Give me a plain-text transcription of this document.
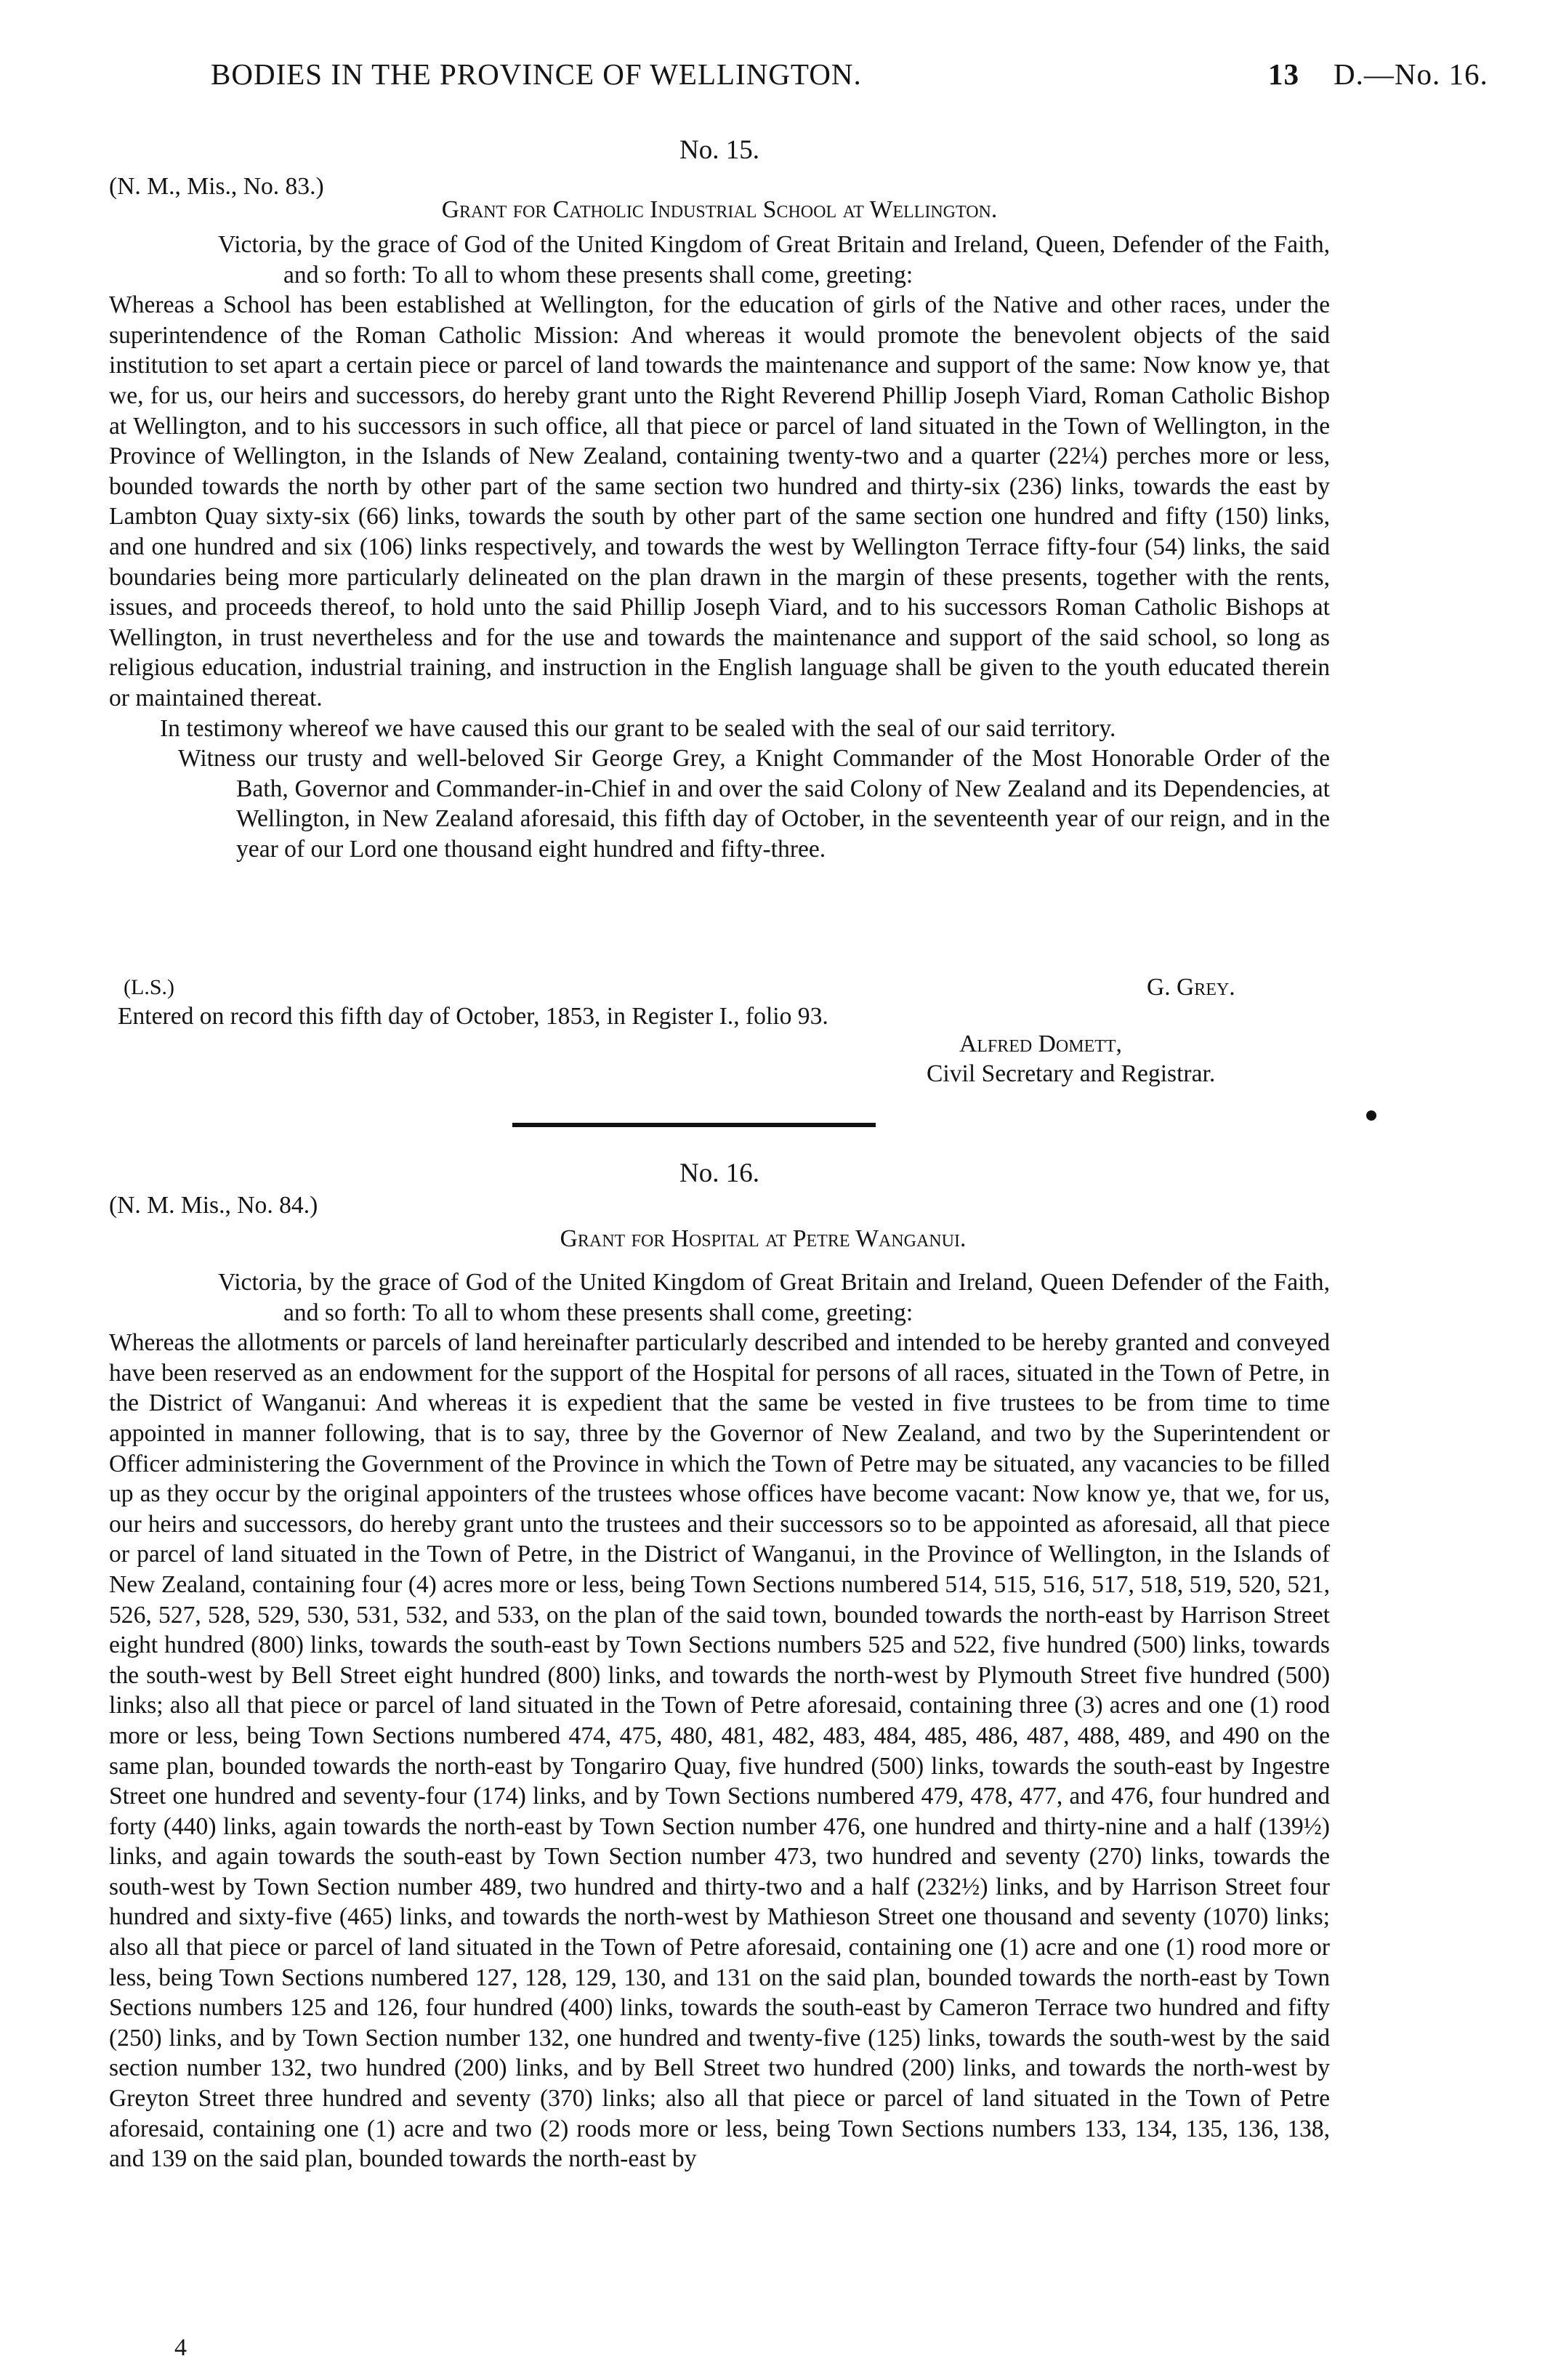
BODIES IN THE PROVINCE OF WELLINGTON.	13 D.—No. 16.
No. 15.
(N. M., Mis., No. 83.)
Grant for Catholic Industrial School at Wellington.

Victoria, by the grace of God of the United Kingdom of Great Britain and Ireland, Queen, Defender of the Faith, and so forth: To all to whom these presents shall come, greeting:

Whereas a School has been established at Wellington, for the education of girls of the Native and other races, under the superintendence of the Roman Catholic Mission: And whereas it would promote the benevolent objects of the said institution to set apart a certain piece or parcel of land towards the maintenance and support of the same: Now know ye, that we, for us, our heirs and successors, do hereby grant unto the Right Reverend Phillip Joseph Viard, Roman Catholic Bishop at Wellington, and to his successors in such office, all that piece or parcel of land situated in the Town of Wellington, in the Province of Wellington, in the Islands of New Zealand, containing twenty-two and a quarter (22¼) perches more or less, bounded towards the north by other part of the same section two hundred and thirty-six (236) links, towards the east by Lambton Quay sixty-six (66) links, towards the south by other part of the same section one hundred and fifty (150) links, and one hundred and six (106) links respectively, and towards the west by Wellington Terrace fifty-four (54) links, the said boundaries being more particularly delineated on the plan drawn in the margin of these presents, together with the rents, issues, and proceeds thereof, to hold unto the said Phillip Joseph Viard, and to his successors Roman Catholic Bishops at Wellington, in trust nevertheless and for the use and towards the maintenance and support of the said school, so long as religious education, industrial training, and instruction in the English language shall be given to the youth educated therein or maintained thereat.

In testimony whereof we have caused this our grant to be sealed with the seal of our said territory.

Witness our trusty and well-beloved Sir George Grey, a Knight Commander of the Most Honorable Order of the Bath, Governor and Commander-in-Chief in and over the said Colony of New Zealand and its Dependencies, at Wellington, in New Zealand aforesaid, this fifth day of October, in the seventeenth year of our reign, and in the year of our Lord one thousand eight hundred and fifty-three.

(L.S.)	G. Grey.
Entered on record this fifth day of October, 1853, in Register I., folio 93.
Alfred Domett,
Civil Secretary and Registrar.
No. 16.
(N. M. Mis., No. 84.)
Grant for Hospital at Petre Wanganui.

Victoria, by the grace of God of the United Kingdom of Great Britain and Ireland, Queen Defender of the Faith, and so forth: To all to whom these presents shall come, greeting:

Whereas the allotments or parcels of land hereinafter particularly described and intended to be hereby granted and conveyed have been reserved as an endowment for the support of the Hospital for persons of all races, situated in the Town of Petre, in the District of Wanganui: And whereas it is expedient that the same be vested in five trustees to be from time to time appointed in manner following, that is to say, three by the Governor of New Zealand, and two by the Superintendent or Officer administering the Government of the Province in which the Town of Petre may be situated, any vacancies to be filled up as they occur by the original appointers of the trustees whose offices have become vacant: Now know ye, that we, for us, our heirs and successors, do hereby grant unto the trustees and their successors so to be appointed as aforesaid, all that piece or parcel of land situated in the Town of Petre, in the District of Wanganui, in the Province of Wellington, in the Islands of New Zealand, containing four (4) acres more or less, being Town Sections numbered 514, 515, 516, 517, 518, 519, 520, 521, 526, 527, 528, 529, 530, 531, 532, and 533, on the plan of the said town, bounded towards the north-east by Harrison Street eight hundred (800) links, towards the south-east by Town Sections numbers 525 and 522, five hundred (500) links, towards the south-west by Bell Street eight hundred (800) links, and towards the north-west by Plymouth Street five hundred (500) links; also all that piece or parcel of land situated in the Town of Petre aforesaid, containing three (3) acres and one (1) rood more or less, being Town Sections numbered 474, 475, 480, 481, 482, 483, 484, 485, 486, 487, 488, 489, and 490 on the same plan, bounded towards the north-east by Tongariro Quay, five hundred (500) links, towards the south-east by Ingestre Street one hundred and seventy-four (174) links, and by Town Sections numbered 479, 478, 477, and 476, four hundred and forty (440) links, again towards the north-east by Town Section number 476, one hundred and thirty-nine and a half (139½) links, and again towards the south-east by Town Section number 473, two hundred and seventy (270) links, towards the south-west by Town Section number 489, two hundred and thirty-two and a half (232½) links, and by Harrison Street four hundred and sixty-five (465) links, and towards the north-west by Mathieson Street one thousand and seventy (1070) links; also all that piece or parcel of land situated in the Town of Petre aforesaid, containing one (1) acre and one (1) rood more or less, being Town Sections numbered 127, 128, 129, 130, and 131 on the said plan, bounded towards the north-east by Town Sections numbers 125 and 126, four hundred (400) links, towards the south-east by Cameron Terrace two hundred and fifty (250) links, and by Town Section number 132, one hundred and twenty-five (125) links, towards the south-west by the said section number 132, two hundred (200) links, and by Bell Street two hundred (200) links, and towards the north-west by Greyton Street three hundred and seventy (370) links; also all that piece or parcel of land situated in the Town of Petre aforesaid, containing one (1) acre and two (2) roods more or less, being Town Sections numbers 133, 134, 135, 136, 138, and 139 on the said plan, bounded towards the north-east by

4
